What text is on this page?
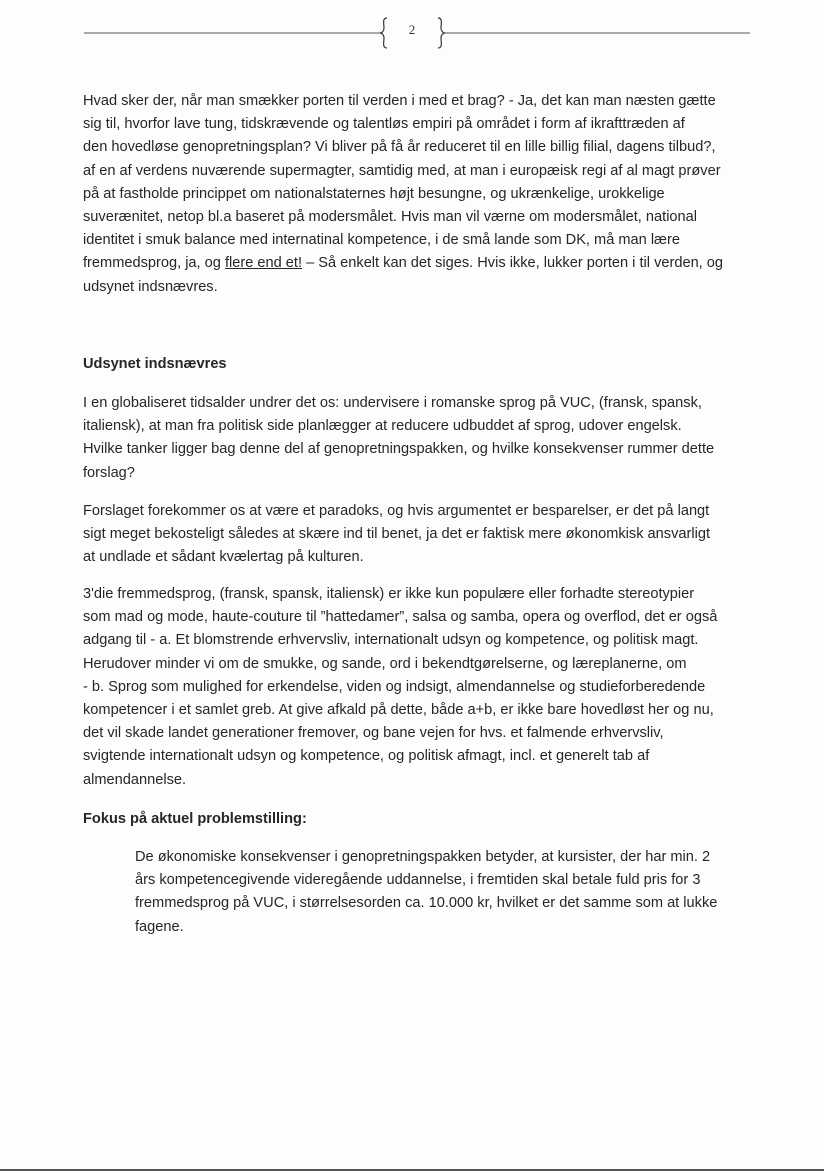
2

Hvad sker der, når man smækker porten til verden i med et brag? - Ja, det kan man næsten gætte
sig til, hvorfor lave tung, tidskrævende og talentløs empiri på området i form af ikrafttræden af
den hovedløse genopretningsplan? Vi bliver på få år reduceret til en lille billig filial, dagens tilbud?,
af en af verdens nuværende supermagter, samtidig med, at man i europæisk regi af al magt prøver
på at fastholde princippet om nationalstaternes højt besungne, og ukrænkelige, urokkelige
suverænitet, netop bl.a baseret på modersmålet. Hvis man vil værne om modersmålet, national
identitet i smuk balance med internatinal kompetence, i de små lande som DK, må man lære
fremmedsprog, ja, og flere end et! – Så enkelt kan det siges. Hvis ikke, lukker porten i til verden, og
udsynet indsnævres.

Udsynet indsnævres

I en globaliseret tidsalder undrer det os: undervisere i romanske sprog på VUC, (fransk, spansk,
italiensk), at man fra politisk side planlægger at reducere udbuddet af sprog, udover engelsk.
Hvilke tanker ligger bag denne del af genopretningspakken, og hvilke konsekvenser rummer dette
forslag?

Forslaget forekommer os at være et paradoks, og hvis argumentet er besparelser, er det på langt
sigt meget bekosteligt således at skære ind til benet, ja det er faktisk mere økonomkisk ansvarligt
at undlade et sådant kvælertag på kulturen.

3'die fremmedsprog, (fransk, spansk, italiensk) er ikke kun populære eller forhadte stereotypier
som mad og mode, haute-couture til ”hattedamer”, salsa og samba, opera og overflod, det er også
adgang til - a. Et blomstrende erhvervsliv, internationalt udsyn og kompetence, og politisk magt.
Herudover minder vi om de smukke, og sande, ord i bekendtgørelserne, og læreplanerne, om
- b. Sprog som mulighed for erkendelse, viden og indsigt, almendannelse og studieforberedende
kompetencer i et samlet greb. At give afkald på dette, både a+b, er ikke bare hovedløst her og nu,
det vil skade landet generationer fremover, og bane vejen for hvs. et falmende erhvervsliv,
svigtende internationalt udsyn og kompetence, og politisk afmagt, incl. et generelt tab af
almendannelse.

Fokus på aktuel problemstilling:

De økonomiske konsekvenser i genopretningspakken betyder, at kursister, der har min. 2
års kompetencegivende videregående uddannelse, i fremtiden skal betale fuld pris for 3
fremmedsprog på VUC, i størrelsesorden ca. 10.000 kr, hvilket er det samme som at lukke
fagene.
